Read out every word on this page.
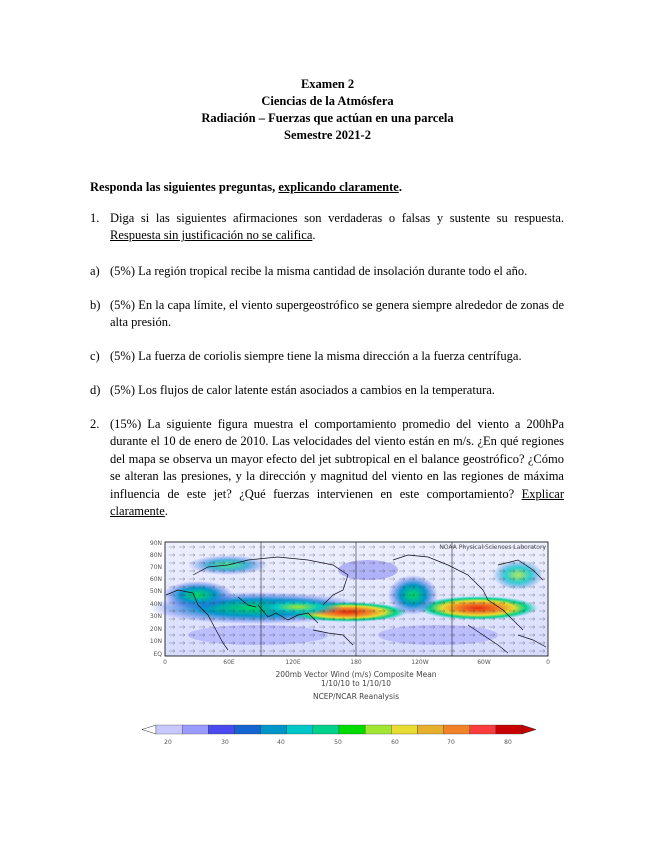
Examen 2
Ciencias de la Atmósfera
Radiación – Fuerzas que actúan en una parcela
Semestre 2021-2
Responda las siguientes preguntas, explicando claramente.
1. Diga si las siguientes afirmaciones son verdaderas o falsas y sustente su respuesta. Respuesta sin justificación no se califica.
a) (5%) La región tropical recibe la misma cantidad de insolación durante todo el año.
b) (5%) En la capa límite, el viento supergeostrófico se genera siempre alrededor de zonas de alta presión.
c) (5%) La fuerza de coriolis siempre tiene la misma dirección a la fuerza centrífuga.
d) (5%) Los flujos de calor latente están asociados a cambios en la temperatura.
2. (15%) La siguiente figura muestra el comportamiento promedio del viento a 200hPa durante el 10 de enero de 2010. Las velocidades del viento están en m/s. ¿En qué regiones del mapa se observa un mayor efecto del jet subtropical en el balance geostrófico? ¿Cómo se alteran las presiones, y la dirección y magnitud del viento en las regiones de máxima influencia de este jet? ¿Qué fuerzas intervienen en este comportamiento? Explicar claramente.
90N
80N
70N
60N
50N
40N
30N
20N
10N
EQ
0	60E	120E	180	120W	60W	0
NOAA Physical Sciences Laboratory
200mb Vector Wind (m/s) Composite Mean
1/10/10 to 1/10/10
NCEP/NCAR Reanalysis
20	30	40	50	60	70	80
